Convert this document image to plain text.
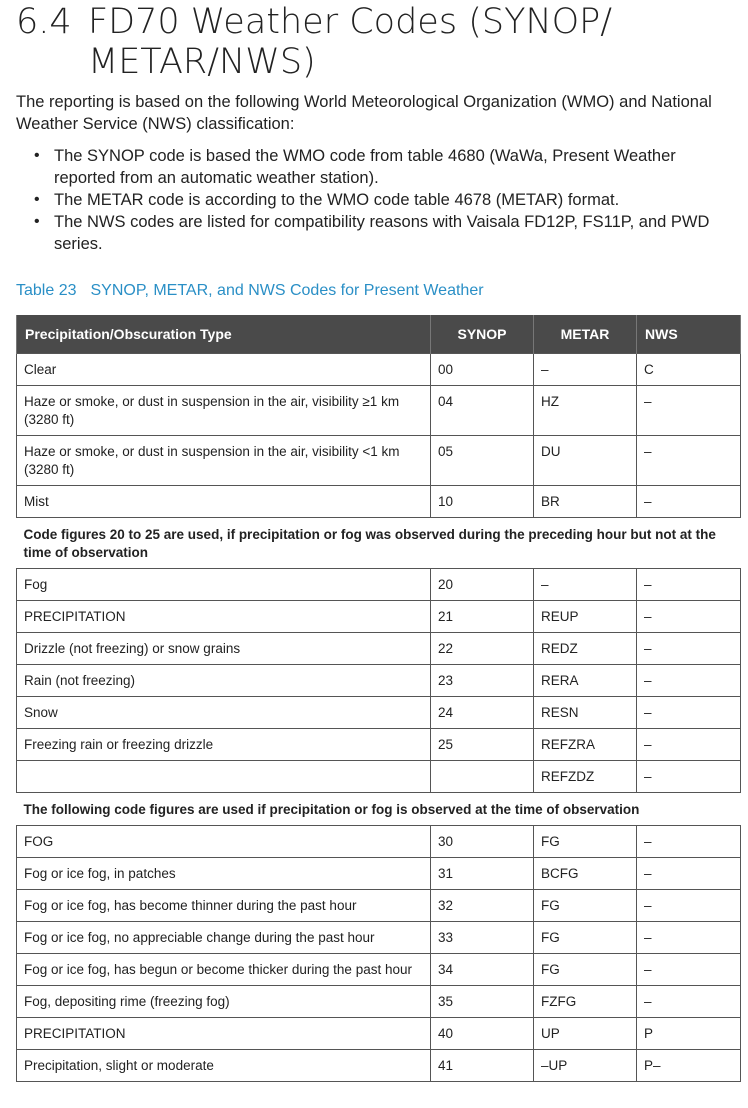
6.4 FD70 Weather Codes (SYNOP/ METAR/NWS)
The reporting is based on the following World Meteorological Organization (WMO) and National Weather Service (NWS) classification:
• The SYNOP code is based the WMO code from table 4680 (WaWa, Present Weather reported from an automatic weather station).
• The METAR code is according to the WMO code table 4678 (METAR) format.
• The NWS codes are listed for compatibility reasons with Vaisala FD12P, FS11P, and PWD series.
Table 23 SYNOP, METAR, and NWS Codes for Present Weather
Precipitation/Obscuration Type	SYNOP	METAR	NWS
Clear	00	–	C
Haze or smoke, or dust in suspension in the air, visibility ≥1 km (3280 ft)	04	HZ	–
Haze or smoke, or dust in suspension in the air, visibility <1 km (3280 ft)	05	DU	–
Mist	10	BR	–
Code figures 20 to 25 are used, if precipitation or fog was observed during the preceding hour but not at the time of observation			
Fog	20	–	–
PRECIPITATION	21	REUP	–
Drizzle (not freezing) or snow grains	22	REDZ	–
Rain (not freezing)	23	RERA	–
Snow	24	RESN	–
Freezing rain or freezing drizzle	25	REFZRA	–
		REFZDZ	–
The following code figures are used if precipitation or fog is observed at the time of observation			
FOG	30	FG	–
Fog or ice fog, in patches	31	BCFG	–
Fog or ice fog, has become thinner during the past hour	32	FG	–
Fog or ice fog, no appreciable change during the past hour	33	FG	–
Fog or ice fog, has begun or become thicker during the past hour	34	FG	–
Fog, depositing rime (freezing fog)	35	FZFG	–
PRECIPITATION	40	UP	P
Precipitation, slight or moderate	41	–UP	P–
